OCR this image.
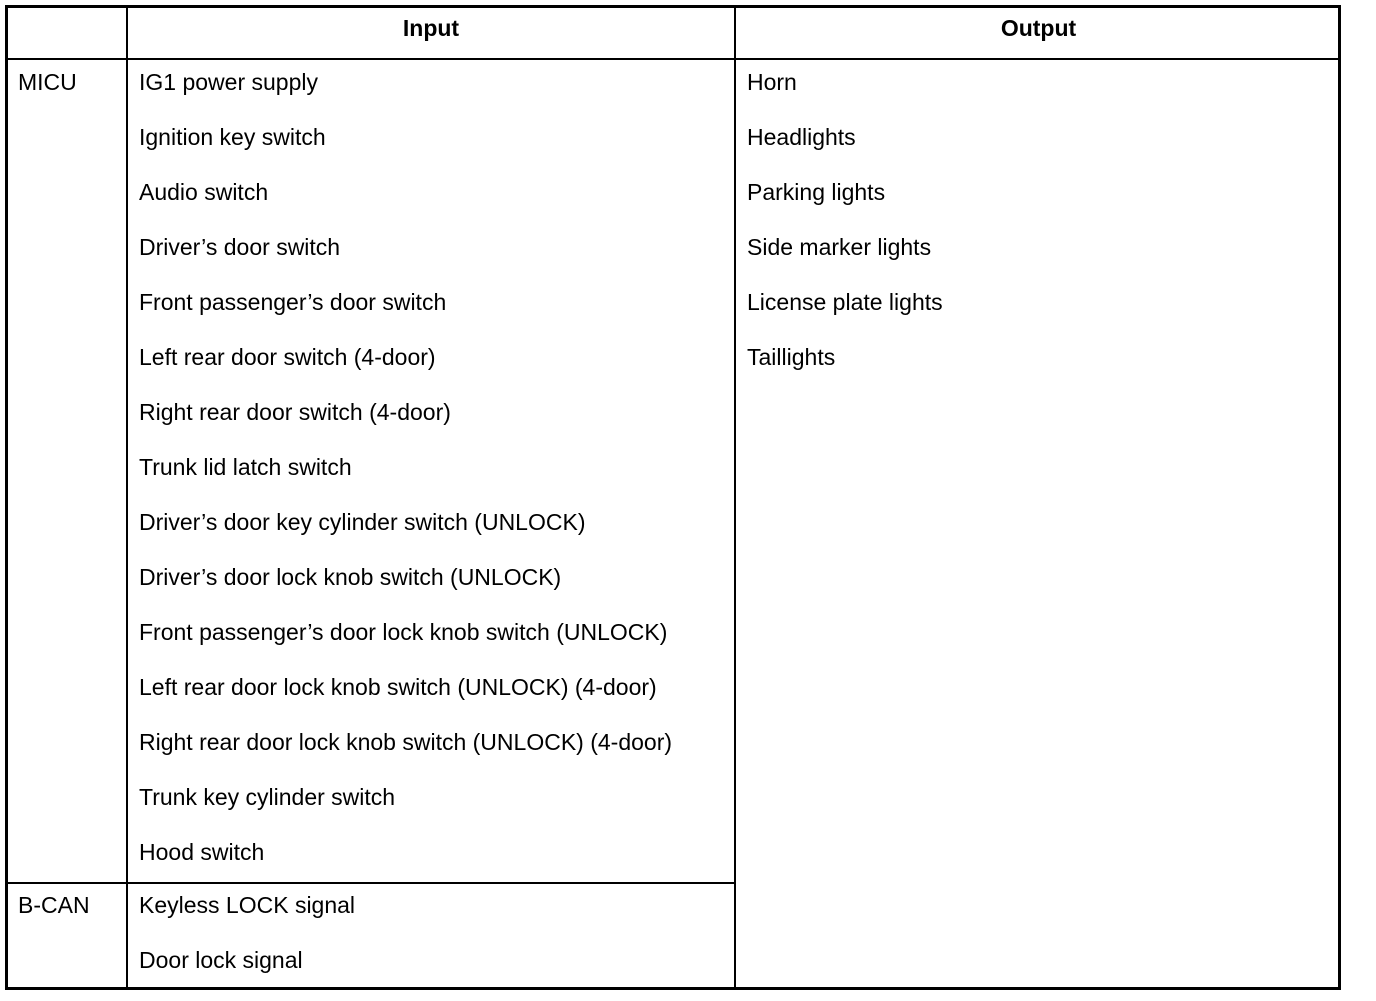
Input	Output
MICU	IG1 power supply
Ignition key switch
Audio switch
Driver’s door switch
Front passenger’s door switch
Left rear door switch (4-door)
Right rear door switch (4-door)
Trunk lid latch switch
Driver’s door key cylinder switch (UNLOCK)
Driver’s door lock knob switch (UNLOCK)
Front passenger’s door lock knob switch (UNLOCK)
Left rear door lock knob switch (UNLOCK) (4-door)
Right rear door lock knob switch (UNLOCK) (4-door)
Trunk key cylinder switch
Hood switch
B-CAN Keyless LOCK signal
Door lock signal
Horn
Headlights
Parking lights
Side marker lights
License plate lights
Taillights
